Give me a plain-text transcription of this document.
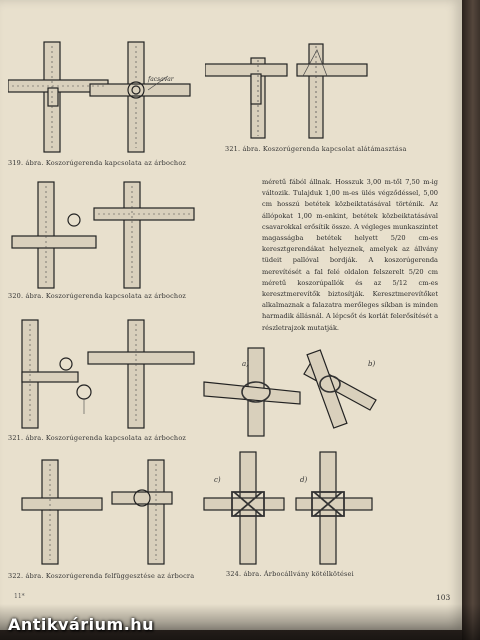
facsavar
319. ábra. Koszorúgerenda kapcsolata az árbochoz
321. ábra. Koszorúgerenda kapcsolat alátámasztása
320. ábra. Koszorúgerenda kapcsolata az árbochoz
321. ábra. Koszorúgerenda kapcsolata az árbochoz
322. ábra. Koszorúgerenda felfüggesztése az árbocra

méretű fából állnak. Hosszuk 3,00 m-től 7,50 m-ig változik. Tulajduk 1,00 m-es ülés végződéssel, 5,00 cm hosszú betétek közbeiktatásával történik. Az állópokat 1,00 m-enkint, betétek közbeiktatásával csavarokkal erősítik össze. A végleges munkaszintet magasságba betétek helyett 5/20 cm-es keresztgerendákat helyeznek, amelyek az állvány tüdeit pallóval bordják. A koszorúgerenda merevítését a fal felé oldalon felszerelt 5/20 cm méretű koszorúpallók és az 5/12 cm-es keresztmerevítők biztosítják. Keresztmerevítőket alkalmaznak a falazatra merőleges síkban is minden harmadik állásnál. A lépcsőt és korlát felerősítését a részletrajzok mutatják.

a)	b)
c)	d)
324. ábra. Árbocállvány kötélkötései
11*	103
Antikvárium.hu
